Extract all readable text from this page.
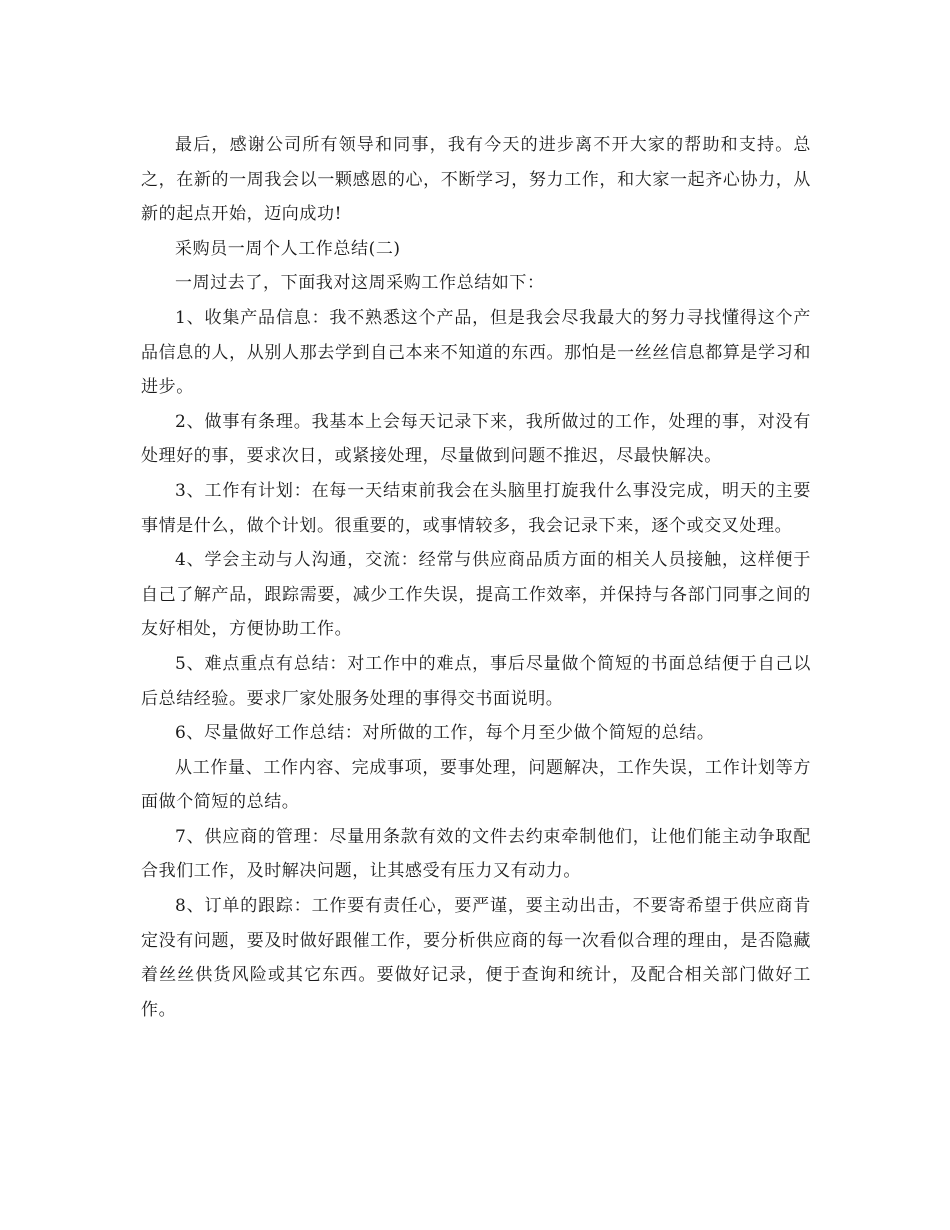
最后，感谢公司所有领导和同事，我有今天的进步离不开大家的帮助和支持。总之，在新的一周我会以一颗感恩的心，不断学习，努力工作，和大家一起齐心协力，从新的起点开始，迈向成功!

采购员一周个人工作总结(二)

一周过去了，下面我对这周采购工作总结如下：

1、收集产品信息：我不熟悉这个产品，但是我会尽我最大的努力寻找懂得这个产品信息的人，从别人那去学到自己本来不知道的东西。那怕是一丝丝信息都算是学习和进步。

2、做事有条理。我基本上会每天记录下来，我所做过的工作，处理的事，对没有处理好的事，要求次日，或紧接处理，尽量做到问题不推迟，尽最快解决。

3、工作有计划：在每一天结束前我会在头脑里打旋我什么事没完成，明天的主要事情是什么，做个计划。很重要的，或事情较多，我会记录下来，逐个或交叉处理。

4、学会主动与人沟通，交流：经常与供应商品质方面的相关人员接触，这样便于自己了解产品，跟踪需要，减少工作失误，提高工作效率，并保持与各部门同事之间的友好相处，方便协助工作。

5、难点重点有总结：对工作中的难点，事后尽量做个简短的书面总结便于自己以后总结经验。要求厂家处服务处理的事得交书面说明。

6、尽量做好工作总结：对所做的工作，每个月至少做个简短的总结。

从工作量、工作内容、完成事项，要事处理，问题解决，工作失误，工作计划等方面做个简短的总结。

7、供应商的管理：尽量用条款有效的文件去约束牵制他们，让他们能主动争取配合我们工作，及时解决问题，让其感受有压力又有动力。

8、订单的跟踪：工作要有责任心，要严谨，要主动出击，不要寄希望于供应商肯定没有问题，要及时做好跟催工作，要分析供应商的每一次看似合理的理由，是否隐藏着丝丝供货风险或其它东西。要做好记录，便于查询和统计，及配合相关部门做好工作。
